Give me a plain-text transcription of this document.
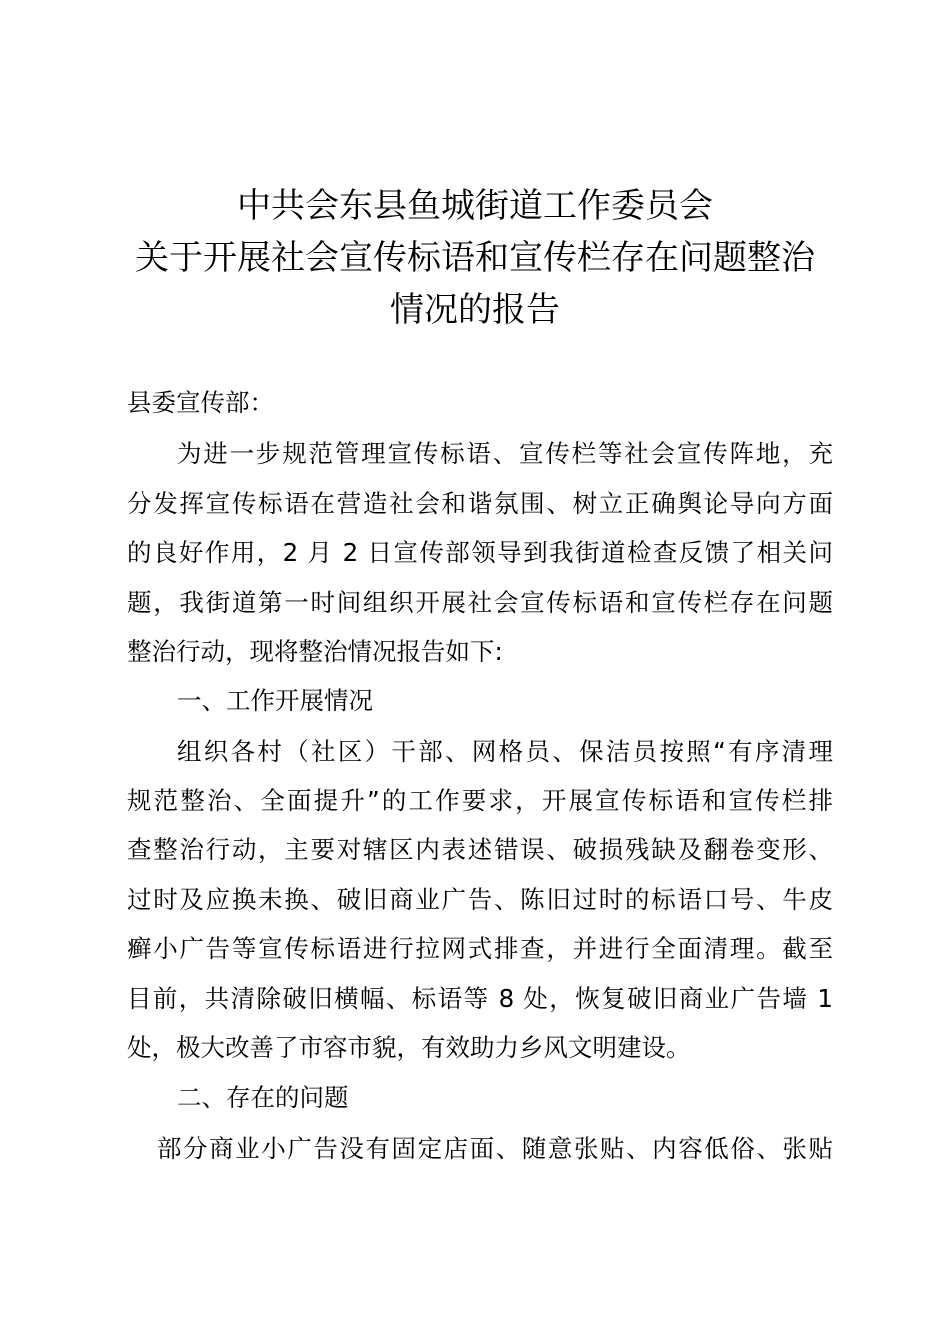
中共会东县鱼城街道工作委员会
关于开展社会宣传标语和宣传栏存在问题整治
情况的报告
县委宣传部：
为进一步规范管理宣传标语、宣传栏等社会宣传阵地，充
分发挥宣传标语在营造社会和谐氛围、树立正确舆论导向方面
的良好作用，2 月 2 日宣传部领导到我街道检查反馈了相关问
题，我街道第一时间组织开展社会宣传标语和宣传栏存在问题
整治行动，现将整治情况报告如下:
一、工作开展情况
组织各村（社区）干部、网格员、保洁员按照“有序清理
规范整治、全面提升”的工作要求，开展宣传标语和宣传栏排
查整治行动，主要对辖区内表述错误、破损残缺及翻卷变形、
过时及应换未换、破旧商业广告、陈旧过时的标语口号、牛皮
癣小广告等宣传标语进行拉网式排查，并进行全面清理。截至
目前，共清除破旧横幅、标语等 8 处，恢复破旧商业广告墙 1
处，极大改善了市容市貌，有效助力乡风文明建设。
二、存在的问题
部分商业小广告没有固定店面、随意张贴、内容低俗、张贴
